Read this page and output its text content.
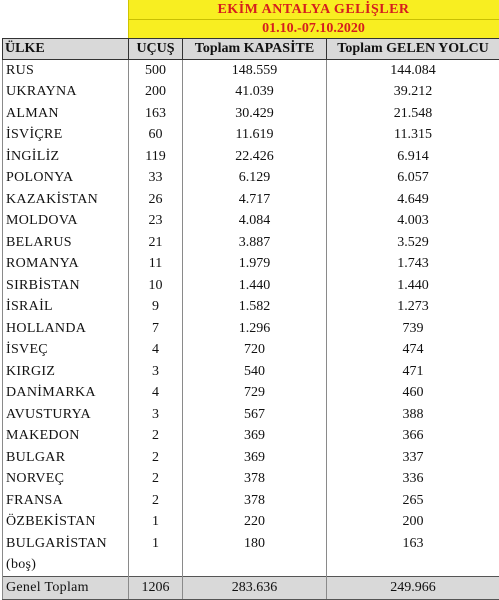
EKİM ANTALYA GELİŞLER
01.10.-07.10.2020
ÜLKE	UÇUŞ	Toplam KAPASİTE	Toplam GELEN YOLCU
RUS	500	148.559	144.084
UKRAYNA	200	41.039	39.212
ALMAN	163	30.429	21.548
İSVİÇRE	60	11.619	11.315
İNGİLİZ	119	22.426	6.914
POLONYA	33	6.129	6.057
KAZAKİSTAN	26	4.717	4.649
MOLDOVA	23	4.084	4.003
BELARUS	21	3.887	3.529
ROMANYA	11	1.979	1.743
SIRBİSTAN	10	1.440	1.440
İSRAİL	9	1.582	1.273
HOLLANDA	7	1.296	739
İSVEÇ	4	720	474
KIRGIZ	3	540	471
DANİMARKA	4	729	460
AVUSTURYA	3	567	388
MAKEDON	2	369	366
BULGAR	2	369	337
NORVEÇ	2	378	336
FRANSA	2	378	265
ÖZBEKİSTAN	1	220	200
BULGARİSTAN	1	180	163
(boş)			
Genel Toplam	1206	283.636	249.966
